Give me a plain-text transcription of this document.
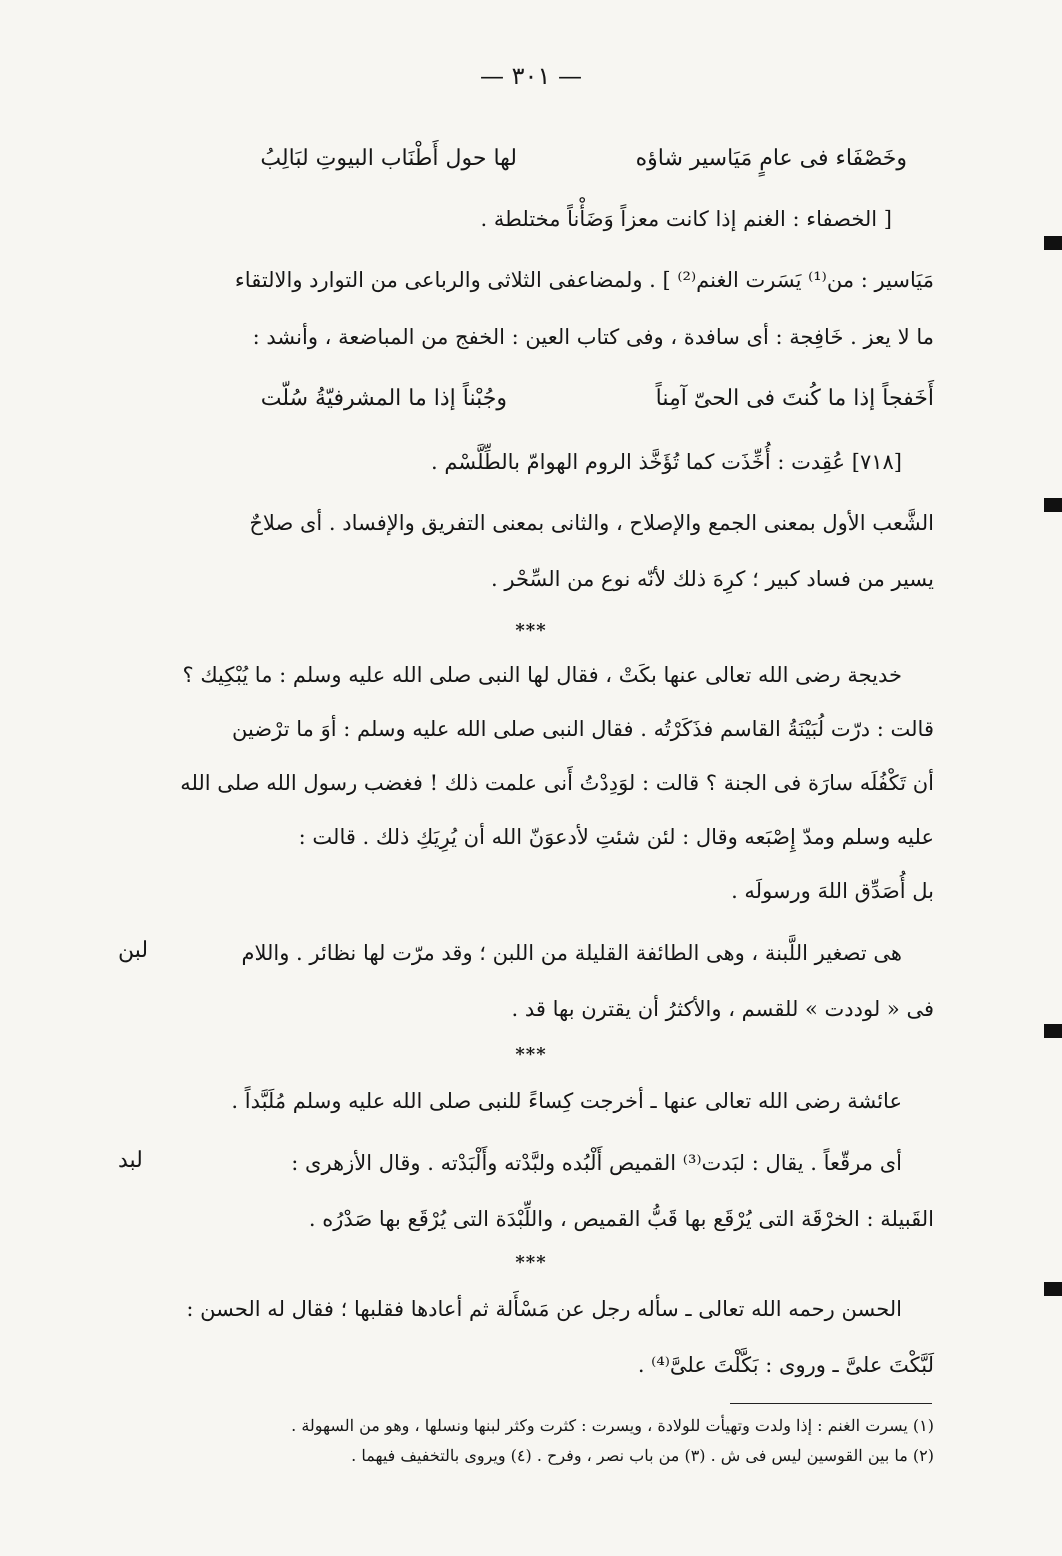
— ٣٠١ —
وخَصْفَاء فى عامٍ مَيَاسير شاؤه
لها حول أَطْنَاب البيوتِ لبَالِبُ
[ الخصفاء : الغنم إذا كانت معزاً وَضَأْناً مختلطة .
مَيَاسير : من⁽¹⁾ يَسَرت الغنم⁽²⁾ ] . ولمضاعفى الثلاثى والرباعى من التوارد والالتقاء
ما لا يعز . خَافِجة : أى سافدة ، وفى كتاب العين : الخفج من المباضعة ، وأنشد :
أَخَفجاً إذا ما كُنتَ فى الحىّ آمِناً
وجُبْناً إذا ما المشرفيّةُ سُلّت
[٧١٨] عُقِدت : أُخِّذَت كما تُؤَخَّذ الروم الهوامّ بالطِّلَّسْم .
الشَّعب الأول بمعنى الجمع والإصلاح ، والثانى بمعنى التفريق والإفساد . أى صلاحٌ
يسير من فساد كبير ؛ كرِهَ ذلك لأنّه نوع من السِّحْر .
***
خديجة رضى الله تعالى عنها بكَتْ ، فقال لها النبى صلى الله عليه وسلم : ما يُبْكِيك ؟
قالت : درّت لُبَيْنَةُ القاسم فذَكَرْتُه . فقال النبى صلى الله عليه وسلم : أوَ ما ترْضين
أن تَكْفُلَه سارَة فى الجنة ؟ قالت : لوَدِدْتُ أَنى علمت ذلك ! فغضب رسول الله صلى الله
عليه وسلم ومدّ إِصْبَعه وقال : لئن شئتِ لأدعوَنّ الله أن يُرِيَكِ ذلك . قالت :
بل أُصَدِّق اللهَ ورسولَه .
لبن	هى تصغير اللَّبنة ، وهى الطائفة القليلة من اللبن ؛ وقد مرّت لها نظائر . واللام
فى « لوددت » للقسم ، والأكثرُ أن يقترن بها قد .
***
عائشة رضى الله تعالى عنها ـ أخرجت كِساءً للنبى صلى الله عليه وسلم مُلَبَّداً .
لبد	أى مرقّعاً . يقال : لبَدت⁽³⁾ القميص أَلْبُده ولبَّدْته وأَلْبَدْته . وقال الأزهرى :
القَبيلة : الخرْقَة التى يُرْقَع بها قَبُّ القميص ، واللِّبْدَة التى يُرْقَع بها صَدْرُه .
***
الحسن رحمه الله تعالى ـ سأله رجل عن مَسْأَلة ثم أعادها فقلبها ؛ فقال له الحسن :
لَبَّكْتَ علىَّ ـ وروى : بَكَّلْتَ علىَّ⁽⁴⁾ .
(١) يسرت الغنم : إذا ولدت وتهيأت للولادة ، ويسرت : كثرت وكثر لبنها ونسلها ، وهو من السهولة .
(٢) ما بين القوسين ليس فى ش . (٣) من باب نصر ، وفرح . (٤) ويروى بالتخفيف فيهما .
